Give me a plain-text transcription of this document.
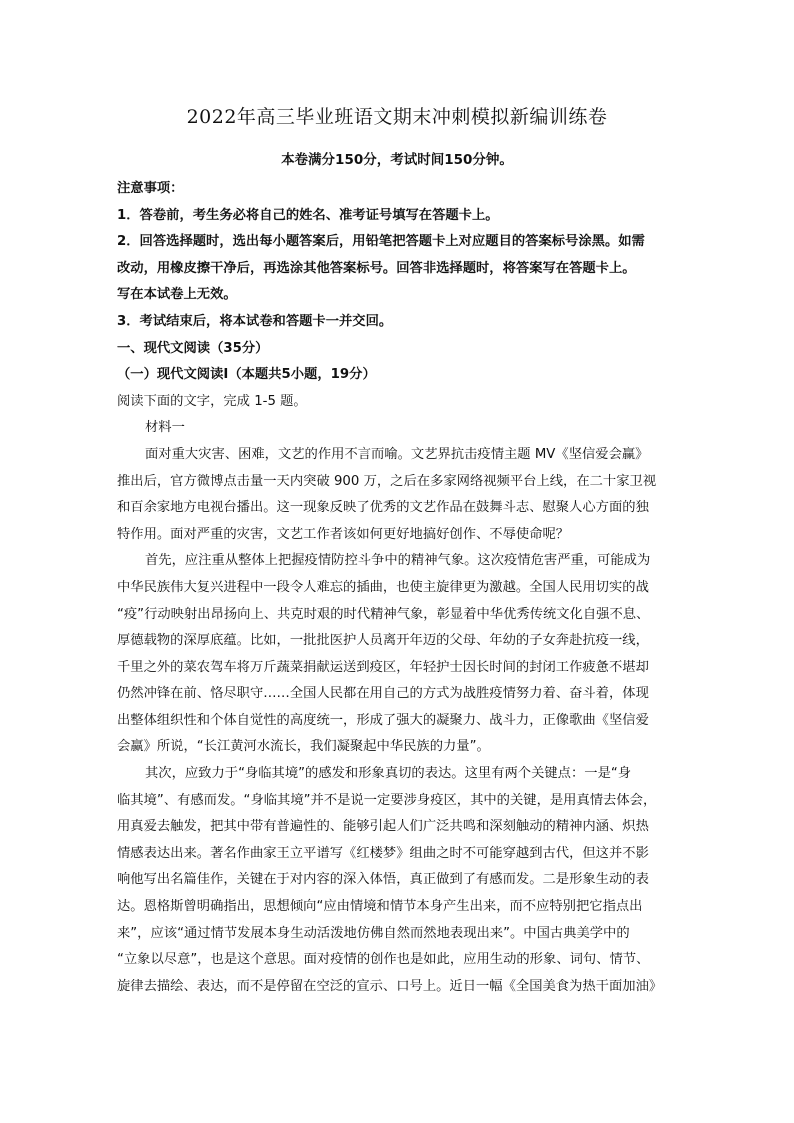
2022年高三毕业班语文期末冲刺模拟新编训练卷
本卷满分150分，考试时间150分钟。

注意事项：

1．答卷前，考生务必将自己的姓名、准考证号填写在答题卡上。

2．回答选择题时，选出每小题答案后，用铅笔把答题卡上对应题目的答案标号涂黑。如需

改动，用橡皮擦干净后，再选涂其他答案标号。回答非选择题时，将答案写在答题卡上。

写在本试卷上无效。

3．考试结束后，将本试卷和答题卡一并交回。

一、现代文阅读（35分）

（一）现代文阅读Ⅰ（本题共5小题，19分）

阅读下面的文字，完成 1-5 题。

材料一

面对重大灾害、困难，文艺的作用不言而喻。文艺界抗击疫情主题 MV《坚信爱会赢》

推出后，官方微博点击量一天内突破 900 万，之后在多家网络视频平台上线，在二十家卫视

和百余家地方电视台播出。这一现象反映了优秀的文艺作品在鼓舞斗志、慰聚人心方面的独

特作用。面对严重的灾害，文艺工作者该如何更好地搞好创作、不辱使命呢？

首先，应注重从整体上把握疫情防控斗争中的精神气象。这次疫情危害严重，可能成为

中华民族伟大复兴进程中一段令人难忘的插曲，也使主旋律更为激越。全国人民用切实的战

“疫”行动映射出昂扬向上、共克时艰的时代精神气象，彰显着中华优秀传统文化自强不息、

厚德载物的深厚底蕴。比如，一批批医护人员离开年迈的父母、年幼的子女奔赴抗疫一线，

千里之外的菜农驾车将万斤蔬菜捐献运送到疫区，年轻护士因长时间的封闭工作疲惫不堪却

仍然冲锋在前、恪尽职守……全国人民都在用自己的方式为战胜疫情努力着、奋斗着，体现

出整体组织性和个体自觉性的高度统一，形成了强大的凝聚力、战斗力，正像歌曲《坚信爱

会赢》所说，“长江黄河水流长，我们凝聚起中华民族的力量”。

其次，应致力于“身临其境”的感发和形象真切的表达。这里有两个关键点：一是“身

临其境”、有感而发。“身临其境”并不是说一定要涉身疫区，其中的关键，是用真情去体会，

用真爱去触发，把其中带有普遍性的、能够引起人们广泛共鸣和深刻触动的精神内涵、炽热

情感表达出来。著名作曲家王立平谱写《红楼梦》组曲之时不可能穿越到古代，但这并不影

响他写出名篇佳作，关键在于对内容的深入体悟，真正做到了有感而发。二是形象生动的表

达。恩格斯曾明确指出，思想倾向“应由情境和情节本身产生出来，而不应特别把它指点出

来”，应该“通过情节发展本身生动活泼地仿佛自然而然地表现出来”。中国古典美学中的

“立象以尽意”，也是这个意思。面对疫情的创作也是如此，应用生动的形象、词句、情节、

旋律去描绘、表达，而不是停留在空泛的宣示、口号上。近日一幅《全国美食为热干面加油》
